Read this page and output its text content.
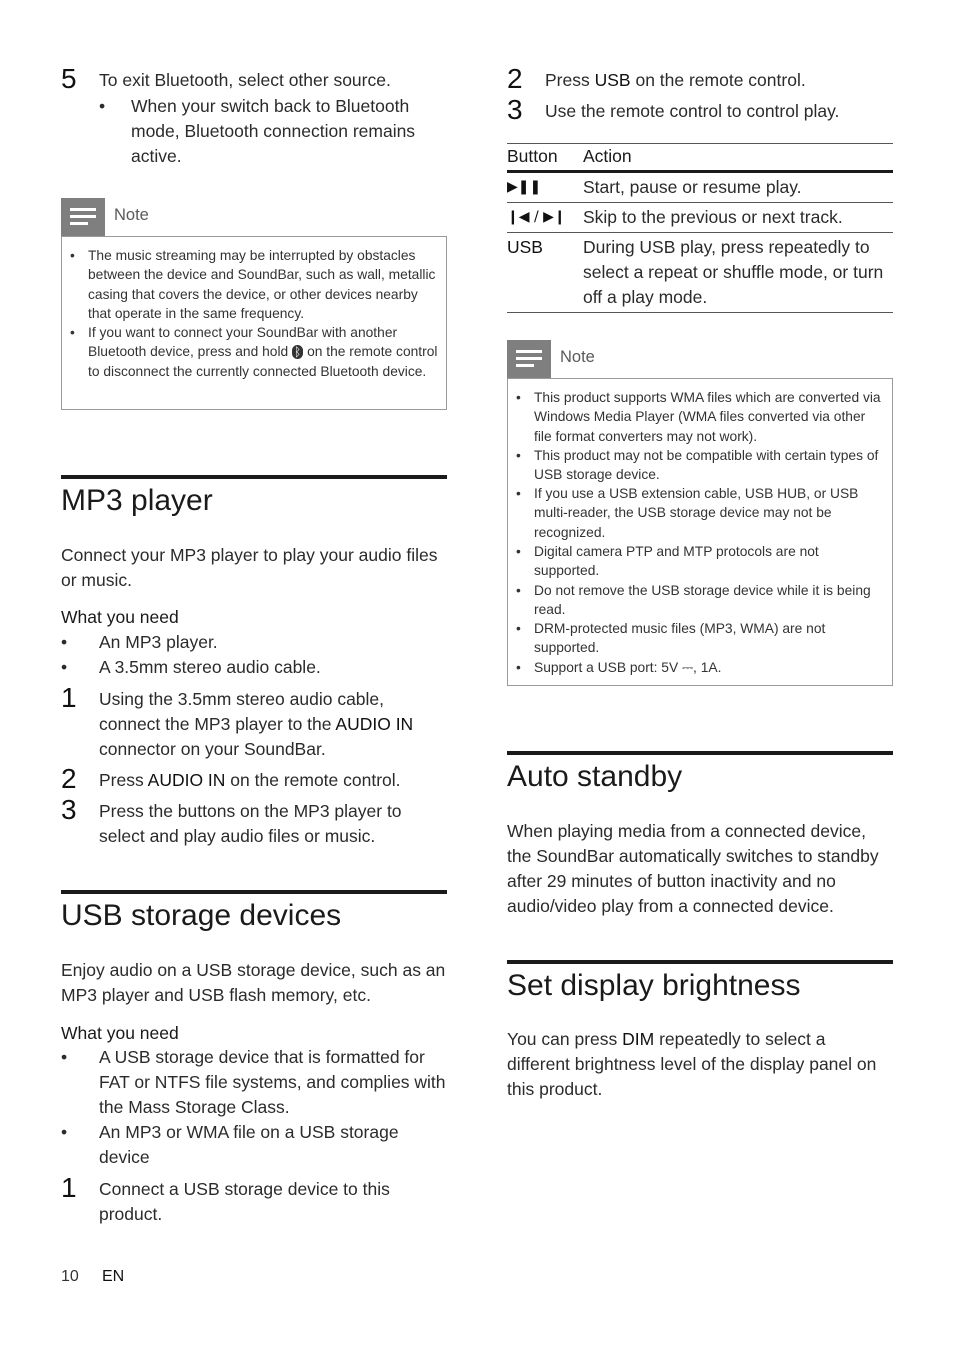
5 To exit Bluetooth, select other source.
• When your switch back to Bluetooth mode, Bluetooth connection remains active.
Note
• The music streaming may be interrupted by obstacles between the device and SoundBar, such as wall, metallic casing that covers the device, or other devices nearby that operate in the same frequency.
• If you want to connect your SoundBar with another Bluetooth device, press and hold ᛒ on the remote control to disconnect the currently connected Bluetooth device.
MP3 player
Connect your MP3 player to play your audio files or music.
What you need
• An MP3 player.
• A 3.5mm stereo audio cable.
1 Using the 3.5mm stereo audio cable, connect the MP3 player to the AUDIO IN connector on your SoundBar.
2 Press AUDIO IN on the remote control.
3 Press the buttons on the MP3 player to select and play audio files or music.
USB storage devices
Enjoy audio on a USB storage device, such as an MP3 player and USB flash memory, etc.
What you need
• A USB storage device that is formatted for FAT or NTFS file systems, and complies with the Mass Storage Class.
• An MP3 or WMA file on a USB storage device
1 Connect a USB storage device to this product.
2 Press USB on the remote control.
3 Use the remote control to control play.
Button	Action
▶❚❚	Start, pause or resume play.
❙◀ / ▶❙	Skip to the previous or next track.
USB	During USB play, press repeatedly to select a repeat or shuffle mode, or turn off a play mode.
Note
• This product supports WMA files which are converted via Windows Media Player (WMA files converted via other file format converters may not work).
• This product may not be compatible with certain types of USB storage device.
• If you use a USB extension cable, USB HUB, or USB multi-reader, the USB storage device may not be recognized.
• Digital camera PTP and MTP protocols are not supported.
• Do not remove the USB storage device while it is being read.
• DRM-protected music files (MP3, WMA) are not supported.
• Support a USB port: 5V ⎓, 1A.
Auto standby
When playing media from a connected device, the SoundBar automatically switches to standby after 29 minutes of button inactivity and no audio/video play from a connected device.
Set display brightness
You can press DIM repeatedly to select a different brightness level of the display panel on this product.
10 EN
